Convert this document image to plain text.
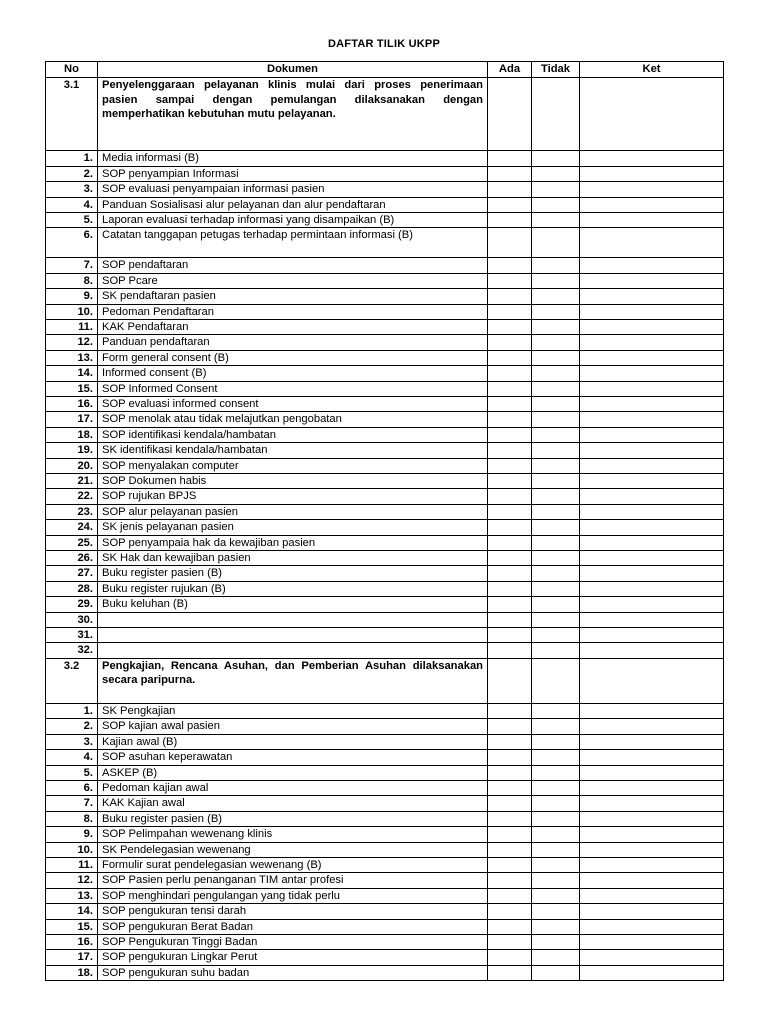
DAFTAR TILIK UKPP
No	Dokumen	Ada	Tidak	Ket
3.1	Penyelenggaraan pelayanan klinis mulai dari proses penerimaan pasien sampai dengan pemulangan dilaksanakan dengan memperhatikan kebutuhan mutu pelayanan.			
1.	Media informasi (B)			
2.	SOP penyampian Informasi			
3.	SOP evaluasi penyampaian informasi pasien			
4.	Panduan Sosialisasi alur pelayanan dan alur pendaftaran			
5.	Laporan evaluasi terhadap informasi yang disampaikan (B)			
6.	Catatan tanggapan petugas terhadap permintaan informasi (B)			
7.	SOP pendaftaran			
8.	SOP Pcare			
9.	SK pendaftaran pasien			
10.	Pedoman Pendaftaran			
11.	KAK Pendaftaran			
12.	Panduan pendaftaran			
13.	Form general consent (B)			
14.	Informed consent (B)			
15.	SOP Informed Consent			
16.	SOP evaluasi informed consent			
17.	SOP menolak atau tidak melajutkan pengobatan			
18.	SOP identifikasi kendala/hambatan			
19.	SK identifikasi kendala/hambatan			
20.	SOP menyalakan computer			
21.	SOP Dokumen habis			
22.	SOP rujukan BPJS			
23.	SOP alur pelayanan pasien			
24.	SK jenis pelayanan pasien			
25.	SOP penyampaia hak da kewajiban pasien			
26.	SK Hak dan kewajiban pasien			
27.	Buku register pasien (B)			
28.	Buku register rujukan (B)			
29.	Buku keluhan (B)			
30.				
31.				
32.				
3.2	Pengkajian, Rencana Asuhan, dan Pemberian Asuhan dilaksanakan secara paripurna.			
1.	SK Pengkajian			
2.	SOP kajian awal pasien			
3.	Kajian awal (B)			
4.	SOP asuhan keperawatan			
5.	ASKEP (B)			
6.	Pedoman kajian awal			
7.	KAK Kajian awal			
8.	Buku register pasien (B)			
9.	SOP Pelimpahan wewenang klinis			
10.	SK Pendelegasian wewenang			
11.	Formulir surat pendelegasian wewenang (B)			
12.	SOP Pasien perlu penanganan TIM antar profesi			
13.	SOP menghindari pengulangan yang tidak perlu			
14.	SOP pengukuran tensi darah			
15.	SOP pengukuran Berat Badan			
16.	SOP Pengukuran Tinggi Badan			
17.	SOP pengukuran Lingkar Perut			
18.	SOP pengukuran suhu badan			
